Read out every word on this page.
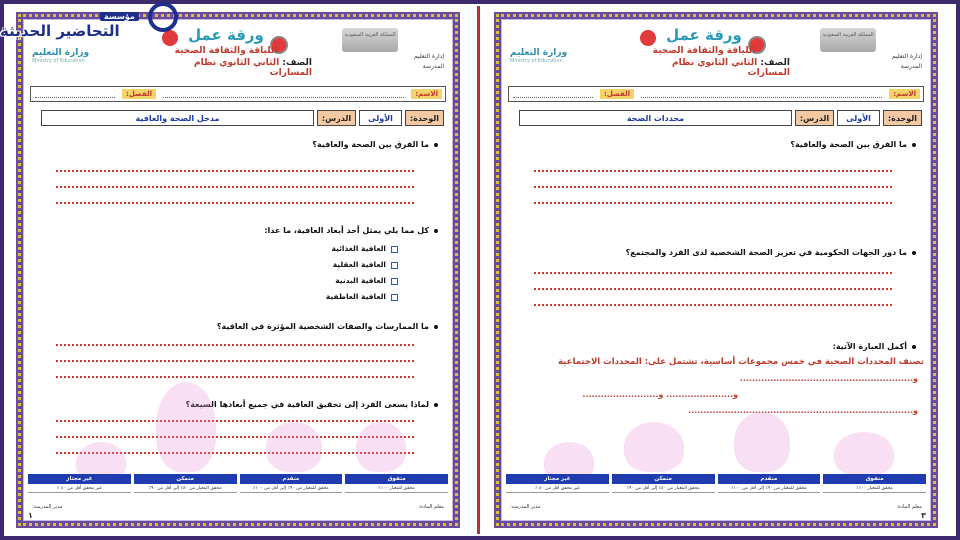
وزارة التعليم
Ministry of Education
ورقة عمل
اللياقة والثقافة الصحية
الصف: الثاني الثانوي نظام المسارات
المملكة العربية السعودية
إدارة التعليم
المدرسة
الاسم:
الفصل:
الوحدة:
الأولى
الدرس:
محددات الصحة
ما الفرق بين الصحة والعافية؟
ما دور الجهات الحكومية في تعزيز الصحة الشخصية لدى الفرد والمجتمع؟
أكمل العبارة الآتية:
تصنف المحددات الصحية في خمس مجموعات أساسية، تشتمل على: المحددات الاجتماعية
و.........................................................
و...................... و.........................
و..........................................................................
متفوق
محقق للمعيار ١٠٠٪
متقدم
محقق للمعيار من ٩٠٪ إلى أقل من ١٠٠٪
متمكن
محقق المعيار من ٨٠٪ إلى أقل من ٩٠٪
غير مجتاز
غير محقق أقل من ٨٠ ٪
معلم المادة:
مدير المدرسة:
٣
وزارة التعليم
Ministry of Education
ورقة عمل
اللياقة والثقافة الصحية
الصف: الثاني الثانوي نظام المسارات
المملكة العربية السعودية
إدارة التعليم
المدرسة
الاسم:
الفصل:
الوحدة:
الأولى
الدرس:
مدخل الصحة والعافية
ما الفرق بين الصحة والعافية؟
كل مما يلي يمثل أحد أبعاد العافية، ما عدا:
العافية الغذائية
العافية العقلية
العافية البدنية
العافية العاطفية
ما الممارسات والصفات الشخصية المؤثرة في العافية؟
لماذا يسعى الفرد إلى تحقيق العافية في جميع أبعادها السبعة؟
متفوق
محقق للمعيار ١٠٠٪
متقدم
محقق للمعيار من ٩٠٪ إلى أقل من ١٠٠٪
متمكن
محقق المعيار من ٨٠٪ إلى أقل من ٩٠٪
غير مجتاز
غير محقق أقل من ٨٠ ٪
معلم المادة:
مدير المدرسة:
١
مؤسسة
التحاضير الحديثة
